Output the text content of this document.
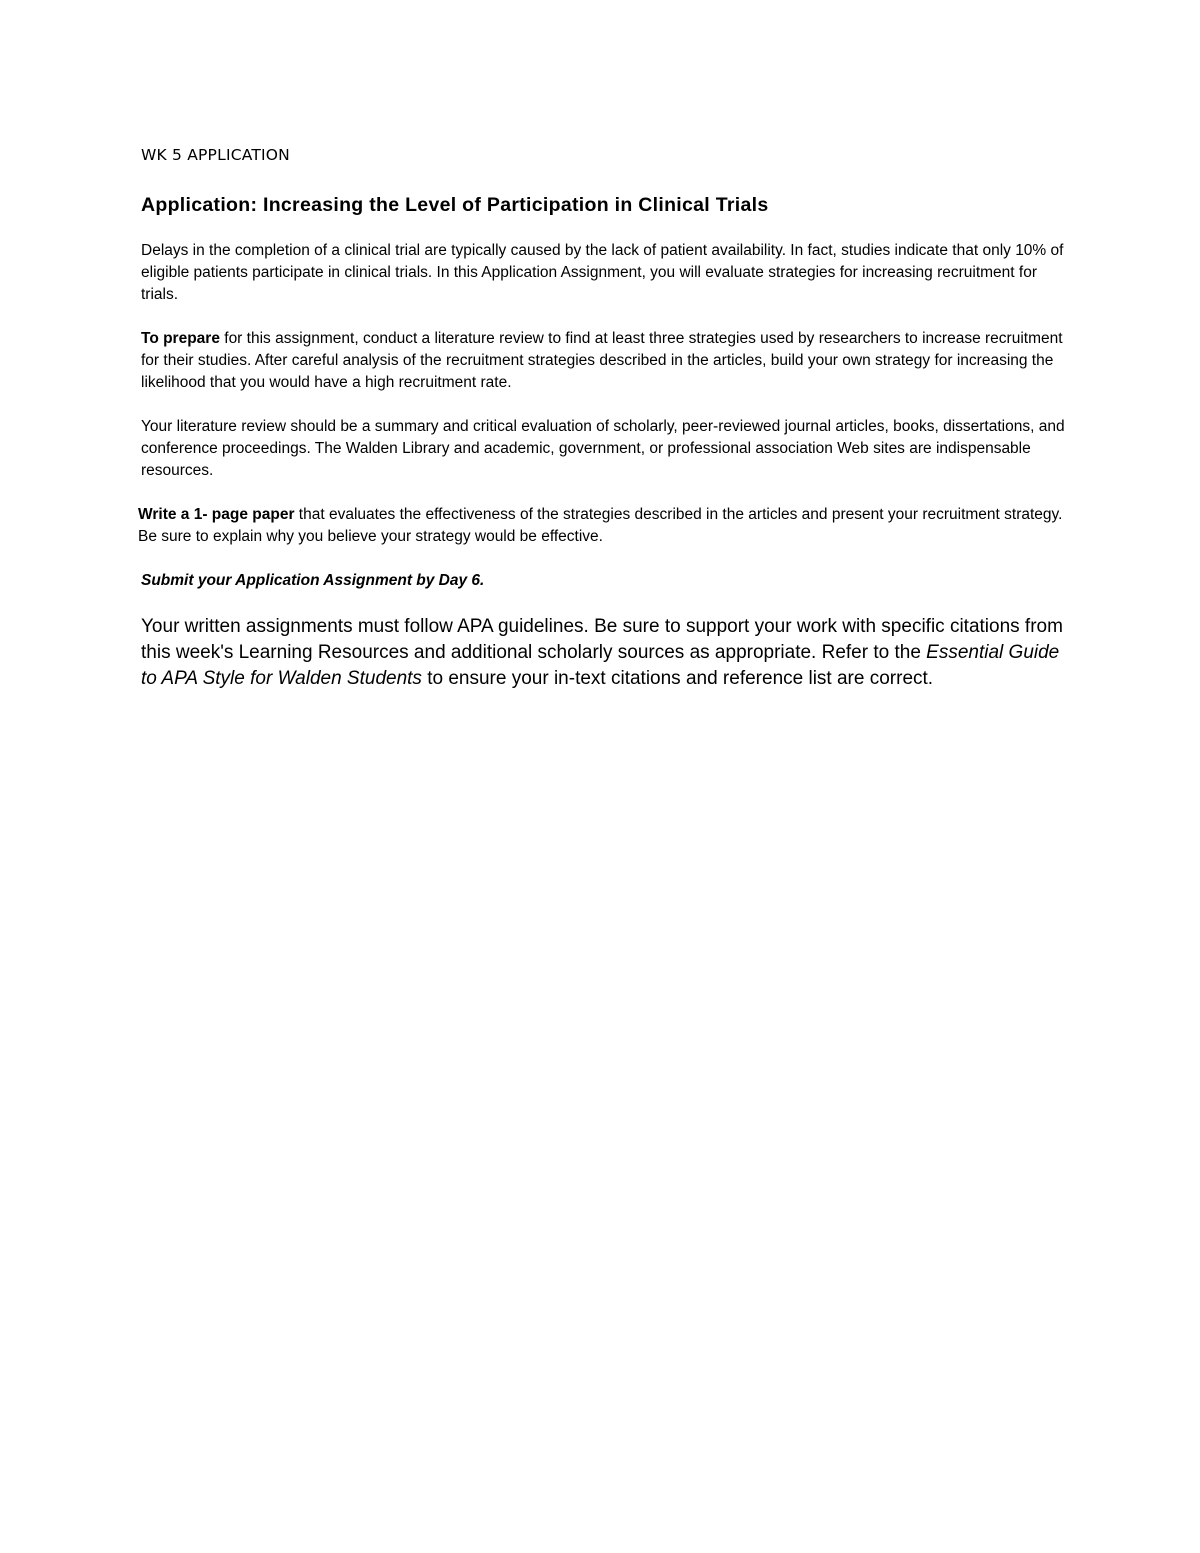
WK 5 APPLICATION

Application: Increasing the Level of Participation in Clinical Trials

Delays in the completion of a clinical trial are typically caused by the lack of patient availability. In fact, studies indicate that only 10% of eligible patients participate in clinical trials. In this Application Assignment, you will evaluate strategies for increasing recruitment for trials.

To prepare for this assignment, conduct a literature review to find at least three strategies used by researchers to increase recruitment for their studies. After careful analysis of the recruitment strategies described in the articles, build your own strategy for increasing the likelihood that you would have a high recruitment rate.

Your literature review should be a summary and critical evaluation of scholarly, peer-reviewed journal articles, books, dissertations, and conference proceedings. The Walden Library and academic, government, or professional association Web sites are indispensable resources.

Write a 1- page paper that evaluates the effectiveness of the strategies described in the articles and present your recruitment strategy. Be sure to explain why you believe your strategy would be effective.

Submit your Application Assignment by Day 6.

Your written assignments must follow APA guidelines. Be sure to support your work with specific citations from this week's Learning Resources and additional scholarly sources as appropriate. Refer to the Essential Guide to APA Style for Walden Students to ensure your in-text citations and reference list are correct.
